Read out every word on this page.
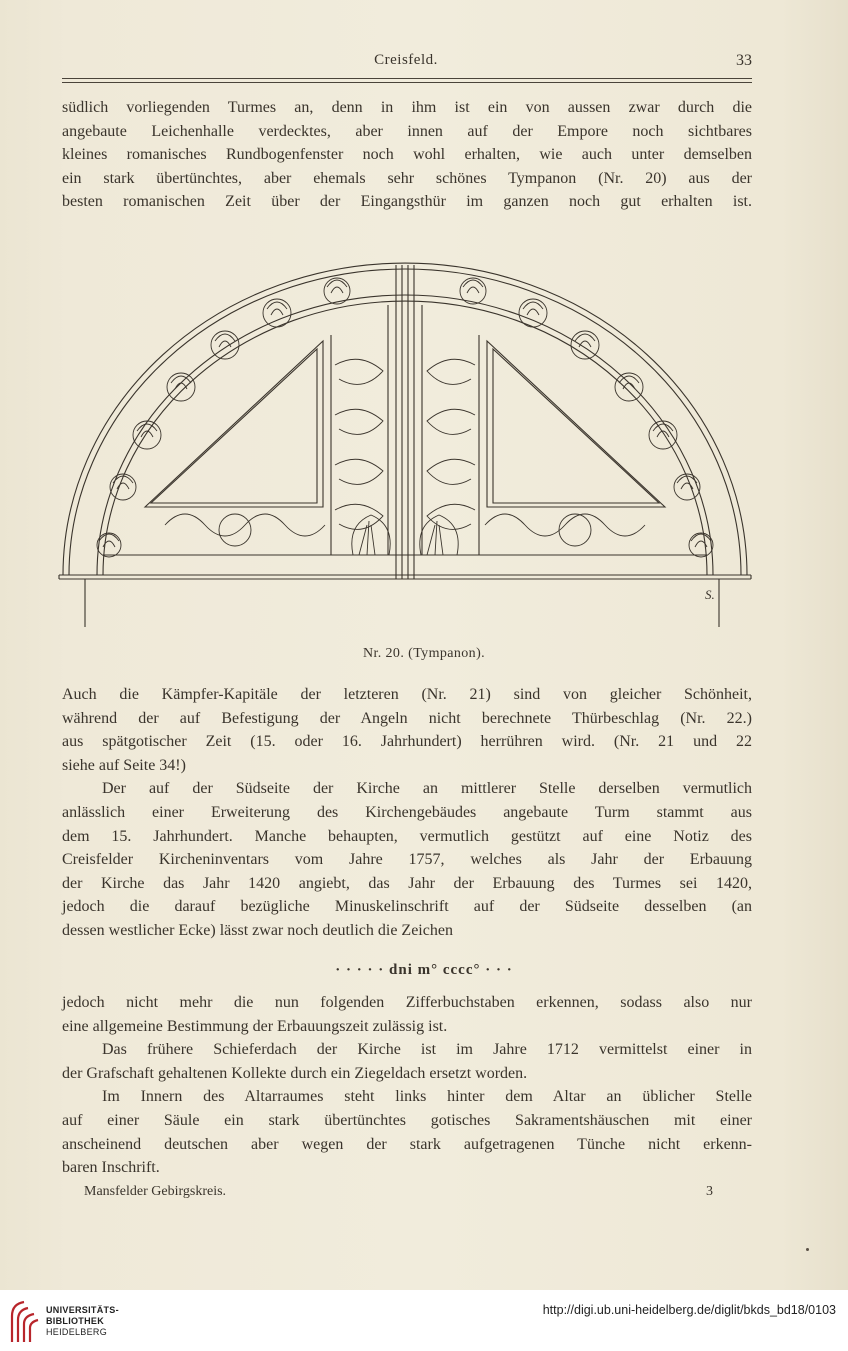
Creisfeld.	33
südlich vorliegenden Turmes an, denn in ihm ist ein von aussen zwar durch die
angebaute Leichenhalle verdecktes, aber innen auf der Empore noch sichtbares
kleines romanisches Rundbogenfenster noch wohl erhalten, wie auch unter demselben
ein stark übertünchtes, aber ehemals sehr schönes Tympanon (Nr. 20) aus der
besten romanischen Zeit über der Eingangsthür im ganzen noch gut erhalten ist.
S.
Nr. 20. (Tympanon).
Auch die Kämpfer-Kapitäle der letzteren (Nr. 21) sind von gleicher Schönheit,
während der auf Befestigung der Angeln nicht berechnete Thürbeschlag (Nr. 22.)
aus spätgotischer Zeit (15. oder 16. Jahrhundert) herrühren wird. (Nr. 21 und 22
siehe auf Seite 34!)
Der auf der Südseite der Kirche an mittlerer Stelle derselben vermutlich
anlässlich einer Erweiterung des Kirchengebäudes angebaute Turm stammt aus
dem 15. Jahrhundert. Manche behaupten, vermutlich gestützt auf eine Notiz des
Creisfelder Kircheninventars vom Jahre 1757, welches als Jahr der Erbauung
der Kirche das Jahr 1420 angiebt, das Jahr der Erbauung des Turmes sei 1420,
jedoch die darauf bezügliche Minuskelinschrift auf der Südseite desselben (an
dessen westlicher Ecke) lässt zwar noch deutlich die Zeichen
· · · · · dni m° cccc° · · ·
jedoch nicht mehr die nun folgenden Zifferbuchstaben erkennen, sodass also nur
eine allgemeine Bestimmung der Erbauungszeit zulässig ist.
Das frühere Schieferdach der Kirche ist im Jahre 1712 vermittelst einer in
der Grafschaft gehaltenen Kollekte durch ein Ziegeldach ersetzt worden.
Im Innern des Altarraumes steht links hinter dem Altar an üblicher Stelle
auf einer Säule ein stark übertünchtes gotisches Sakramentshäuschen mit einer
anscheinend deutschen aber wegen der stark aufgetragenen Tünche nicht erkenn-
baren Inschrift.
Mansfelder Gebirgskreis.	3
UNIVERSITÄTS-
BIBLIOTHEK
HEIDELBERG
http://digi.ub.uni-heidelberg.de/diglit/bkds_bd18/0103
